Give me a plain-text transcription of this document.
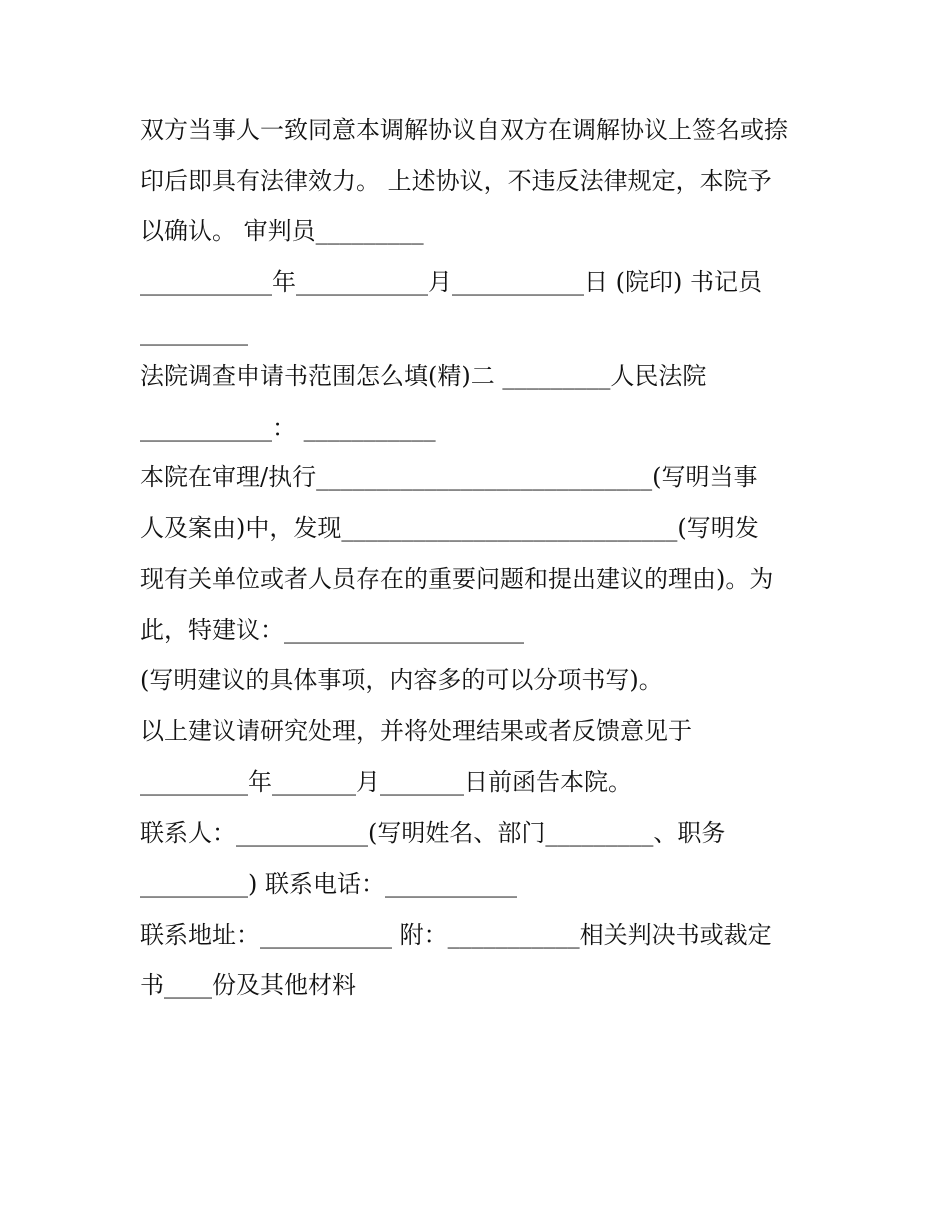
双方当事人一致同意本调解协议自双方在调解协议上签名或捺
印后即具有法律效力。 上述协议，不违反法律规定，本院予
以确认。 审判员_________
___________年___________月___________日 (院印) 书记员
_________
法院调查申请书范围怎么填(精)二 _________人民法院
___________： ___________
本院在审理/执行____________________________(写明当事
人及案由)中，发现____________________________(写明发
现有关单位或者人员存在的重要问题和提出建议的理由)。为
此，特建议：____________________
(写明建议的具体事项，内容多的可以分项书写)。
以上建议请研究处理，并将处理结果或者反馈意见于
_________年_______月_______日前函告本院。
联系人：___________(写明姓名、部门_________、职务
_________) 联系电话：___________
联系地址：___________ 附：___________相关判决书或裁定
书____份及其他材料
